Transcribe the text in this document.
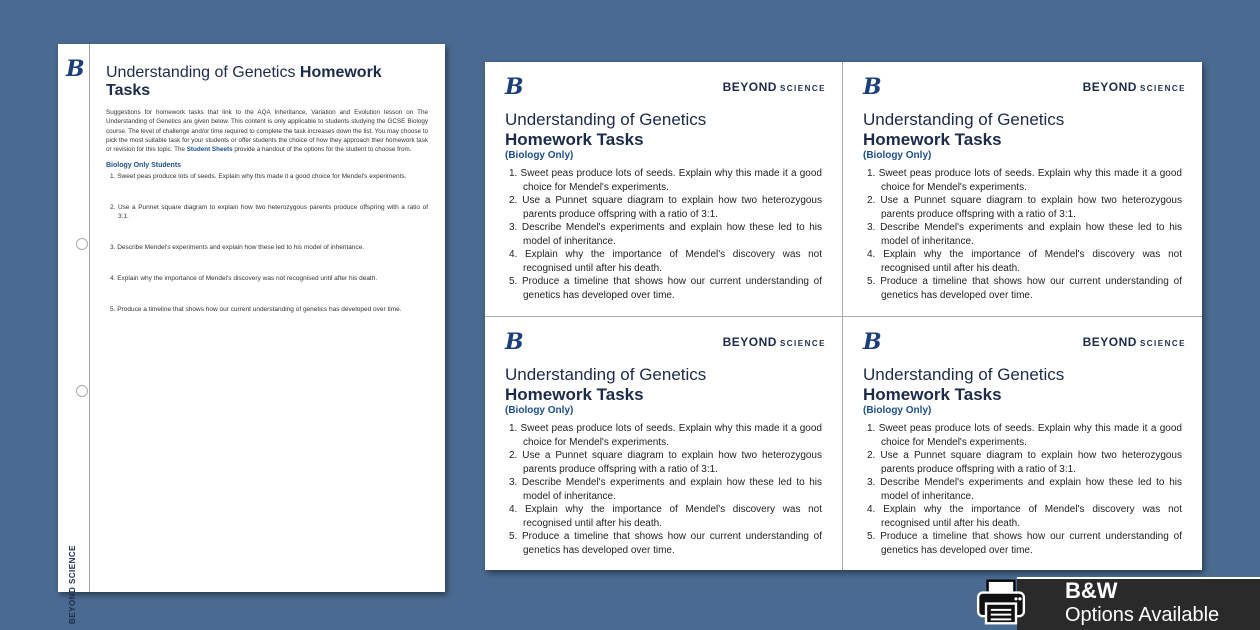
B
BEYOND SCIENCE
Understanding of Genetics Homework Tasks

Suggestions for homework tasks that link to the AQA Inheritance, Variation and Evolution lesson on The Understanding of Genetics are given below. This content is only applicable to students studying the GCSE Biology course. The level of challenge and/or time required to complete the task increases down the list. You may choose to pick the most suitable task for your students or offer students the choice of how they approach their homework task or revision for this topic. The Student Sheets provide a handout of the options for the student to choose from.

Biology Only Students
1. Sweet peas produce lots of seeds. Explain why this made it a good choice for Mendel's experiments.
2. Use a Punnet square diagram to explain how two heterozygous parents produce offspring with a ratio of 3:1.
3. Describe Mendel's experiments and explain how these led to his model of inheritance.
4. Explain why the importance of Mendel's discovery was not recognised until after his death.
5. Produce a timeline that shows how our current understanding of genetics has developed over time.
B	BEYOND SCIENCE
Understanding of Genetics
Homework Tasks
(Biology Only)
1. Sweet peas produce lots of seeds. Explain why this made it a good choice for Mendel's experiments.
2. Use a Punnet square diagram to explain how two heterozygous parents produce offspring with a ratio of 3:1.
3. Describe Mendel's experiments and explain how these led to his model of inheritance.
4. Explain why the importance of Mendel's discovery was not recognised until after his death.
5. Produce a timeline that shows how our current understanding of genetics has developed over time.
B	BEYOND SCIENCE
Understanding of Genetics
Homework Tasks
(Biology Only)
1. Sweet peas produce lots of seeds. Explain why this made it a good choice for Mendel's experiments.
2. Use a Punnet square diagram to explain how two heterozygous parents produce offspring with a ratio of 3:1.
3. Describe Mendel's experiments and explain how these led to his model of inheritance.
4. Explain why the importance of Mendel's discovery was not recognised until after his death.
5. Produce a timeline that shows how our current understanding of genetics has developed over time.
B	BEYOND SCIENCE
Understanding of Genetics
Homework Tasks
(Biology Only)
1. Sweet peas produce lots of seeds. Explain why this made it a good choice for Mendel's experiments.
2. Use a Punnet square diagram to explain how two heterozygous parents produce offspring with a ratio of 3:1.
3. Describe Mendel's experiments and explain how these led to his model of inheritance.
4. Explain why the importance of Mendel's discovery was not recognised until after his death.
5. Produce a timeline that shows how our current understanding of genetics has developed over time.
B	BEYOND SCIENCE
Understanding of Genetics
Homework Tasks
(Biology Only)
1. Sweet peas produce lots of seeds. Explain why this made it a good choice for Mendel's experiments.
2. Use a Punnet square diagram to explain how two heterozygous parents produce offspring with a ratio of 3:1.
3. Describe Mendel's experiments and explain how these led to his model of inheritance.
4. Explain why the importance of Mendel's discovery was not recognised until after his death.
5. Produce a timeline that shows how our current understanding of genetics has developed over time.
B&W
Options Available
